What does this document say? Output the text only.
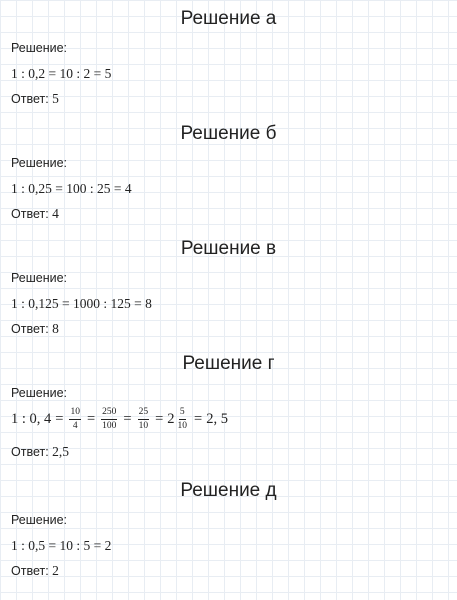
Решение а
Решение:
1 : 0,2 = 10 : 2 = 5
Ответ: 5
Решение б
Решение:
1 : 0,25 = 100 : 25 = 4
Ответ: 4
Решение в
Решение:
1 : 0,125 = 1000 : 125 = 8
Ответ: 8
Решение г
Решение:
1 : 0, $4 = \frac{10}{4} = \frac{250}{100} = \frac{25}{10} = 2 \frac{5}{10} = 2$, 5
Ответ: 2,5
Решение д
Решение:
1 : 0,5 = 10 : 5 = 2
Ответ: 2
